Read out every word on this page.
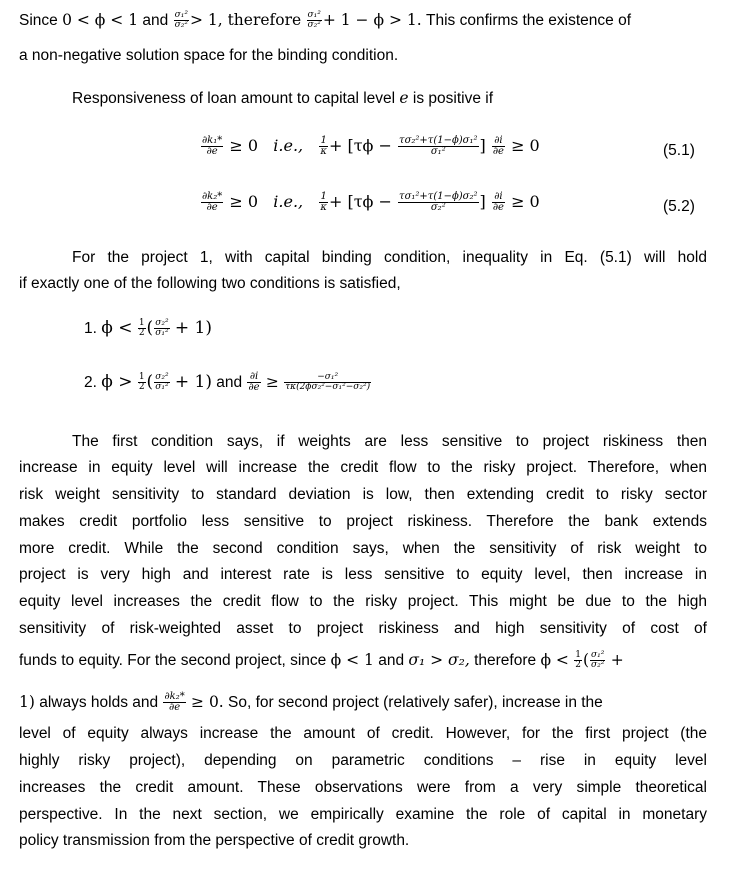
Since 0 < ϕ < 1 and $\frac{\text{σ₁²}}{\text{σ₂²}} > 1$, therefore $\frac{\text{σ₁²}}{\text{σ₂²}} + 1 - \phi > 1$. This confirms the existence of
a non-negative solution space for the binding condition.
Responsiveness of loan amount to capital level e is positive if
$\frac{\text{∂k₁*}}{\partial e} \ge 0$ i.e., $\frac{1}{\kappa} + [\tau\phi - \frac{\text{τσ₂²+τ(1−ϕ)σ₁²}}{\text{σ₁²}}$ ] $\frac{\partial i}{\partial e} \ge 0$	(5.1)
$\frac{\text{∂k₂*}}{\partial e} \ge 0$ i.e., $\frac{1}{\kappa} + [\tau\phi - \frac{\text{τσ₁²+τ(1−ϕ)σ₂²}}{\text{σ₂²}}$ ] $\frac{\partial i}{\partial e} \ge 0$	(5.2)
For the project 1, with capital binding condition, inequality in Eq. (5.1) will hold
if exactly one of the following two conditions is satisfied,
1. $\phi < \frac{1}{2}$ ( $\frac{\text{σ₂²}}{\text{σ₁²}} + 1$)
2. $\phi > \frac{1}{2}$ ( $\frac{\text{σ₂²}}{\text{σ₁²}} + 1$) and $\frac{\partial i}{\partial e} \ge \frac{\text{−σ₁²}}{\text{τκ(2ϕσ₂²−σ₁²−σ₂²)}}$
The first condition says, if weights are less sensitive to project riskiness then
increase in equity level will increase the credit flow to the risky project. Therefore, when
risk weight sensitivity to standard deviation is low, then extending credit to risky sector
makes credit portfolio less sensitive to project riskiness. Therefore the bank extends
more credit. While the second condition says, when the sensitivity of risk weight to
project is very high and interest rate is less sensitive to equity level, then increase in
equity level increases the credit flow to the risky project. This might be due to the high
sensitivity of risk-weighted asset to project riskiness and high sensitivity of cost of
funds to equity. For the second project, since ϕ < 1 and σ₁ > σ₂, therefore $\phi < \frac{1}{2}$ ( $\frac{\text{σ₁²}}{\text{σ₂²}}$ +
1) always holds and $\frac{\text{∂k₂*}}{\partial e} \ge 0$. So, for second project (relatively safer), increase in the
level of equity always increase the amount of credit. However, for the first project (the
highly risky project), depending on parametric conditions – rise in equity level
increases the credit amount. These observations were from a very simple theoretical
perspective. In the next section, we empirically examine the role of capital in monetary
policy transmission from the perspective of credit growth.
